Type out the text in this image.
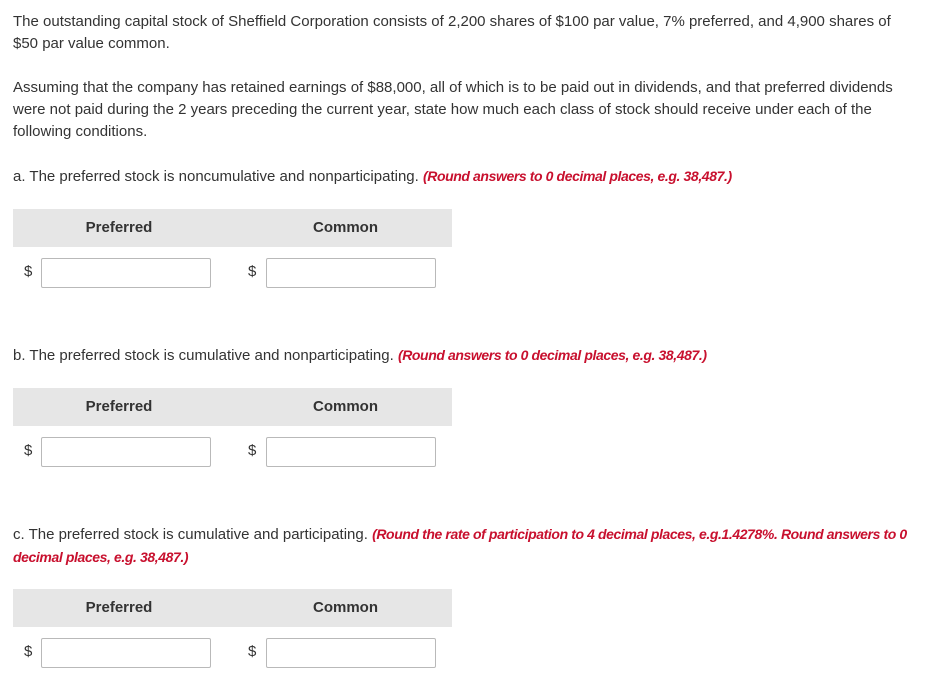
The outstanding capital stock of Sheffield Corporation consists of 2,200 shares of $100 par value, 7% preferred, and 4,900 shares of
$50 par value common.
Assuming that the company has retained earnings of $88,000, all of which is to be paid out in dividends, and that preferred dividends
were not paid during the 2 years preceding the current year, state how much each class of stock should receive under each of the
following conditions.
a. The preferred stock is noncumulative and nonparticipating. (Round answers to 0 decimal places, e.g. 38,487.)
Preferred	Common
$	$
b. The preferred stock is cumulative and nonparticipating. (Round answers to 0 decimal places, e.g. 38,487.)
Preferred	Common
$	$
c. The preferred stock is cumulative and participating. (Round the rate of participation to 4 decimal places, e.g.1.4278%. Round answers to 0
decimal places, e.g. 38,487.)
Preferred	Common
$	$
